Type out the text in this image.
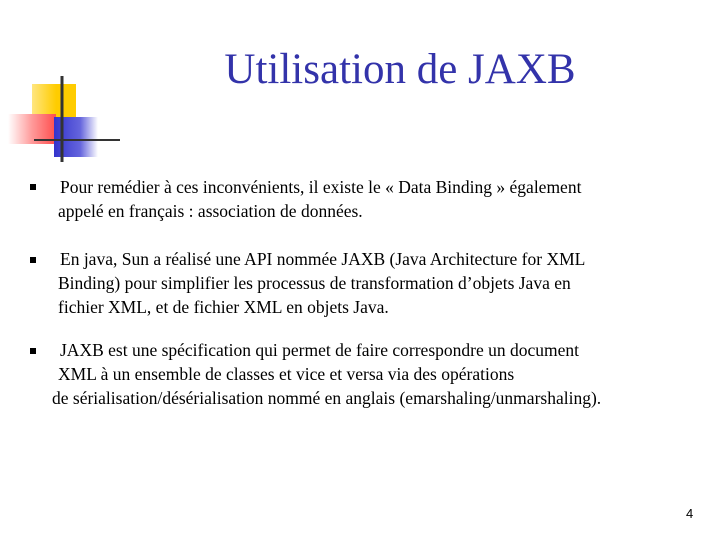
Utilisation de JAXB

Pour remédier à ces inconvénients, il existe le « Data Binding » également

appelé en français : association de données.

En java, Sun a réalisé une API nommée JAXB (Java Architecture for XML

Binding) pour simplifier les processus de transformation d’objets Java en

fichier XML, et de fichier XML en objets Java.

JAXB est une spécification qui permet de faire correspondre un document

XML à un ensemble de classes et vice et versa via des opérations

de sérialisation/désérialisation nommé en anglais (emarshaling/unmarshaling).

4
